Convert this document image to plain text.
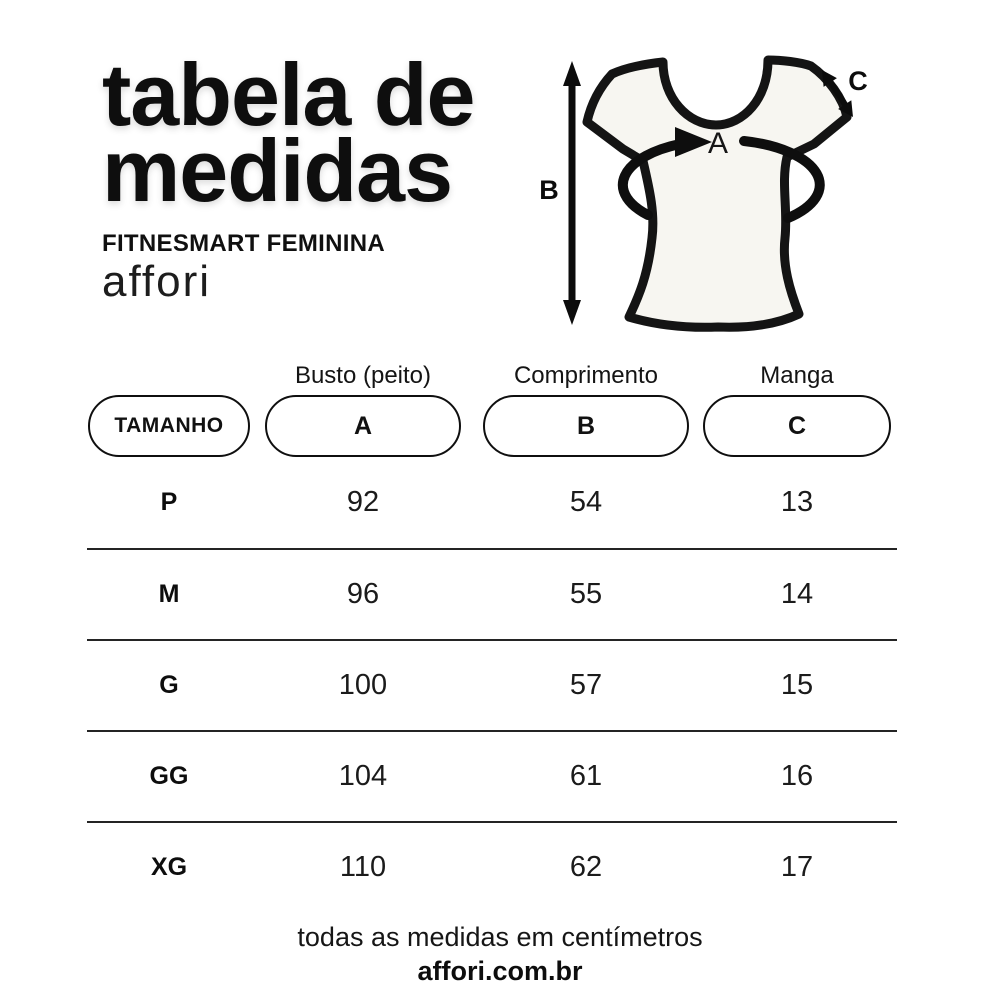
tabela de
medidas
FITNESMART FEMININA
affori
B
A
C
Busto (peito)	Comprimento	Manga
TAMANHO	A	B	C
P	92	54	13
M	96	55	14
G	100	57	15
GG	104	61	16
XG	110	62	17
todas as medidas em centímetros
affori.com.br
